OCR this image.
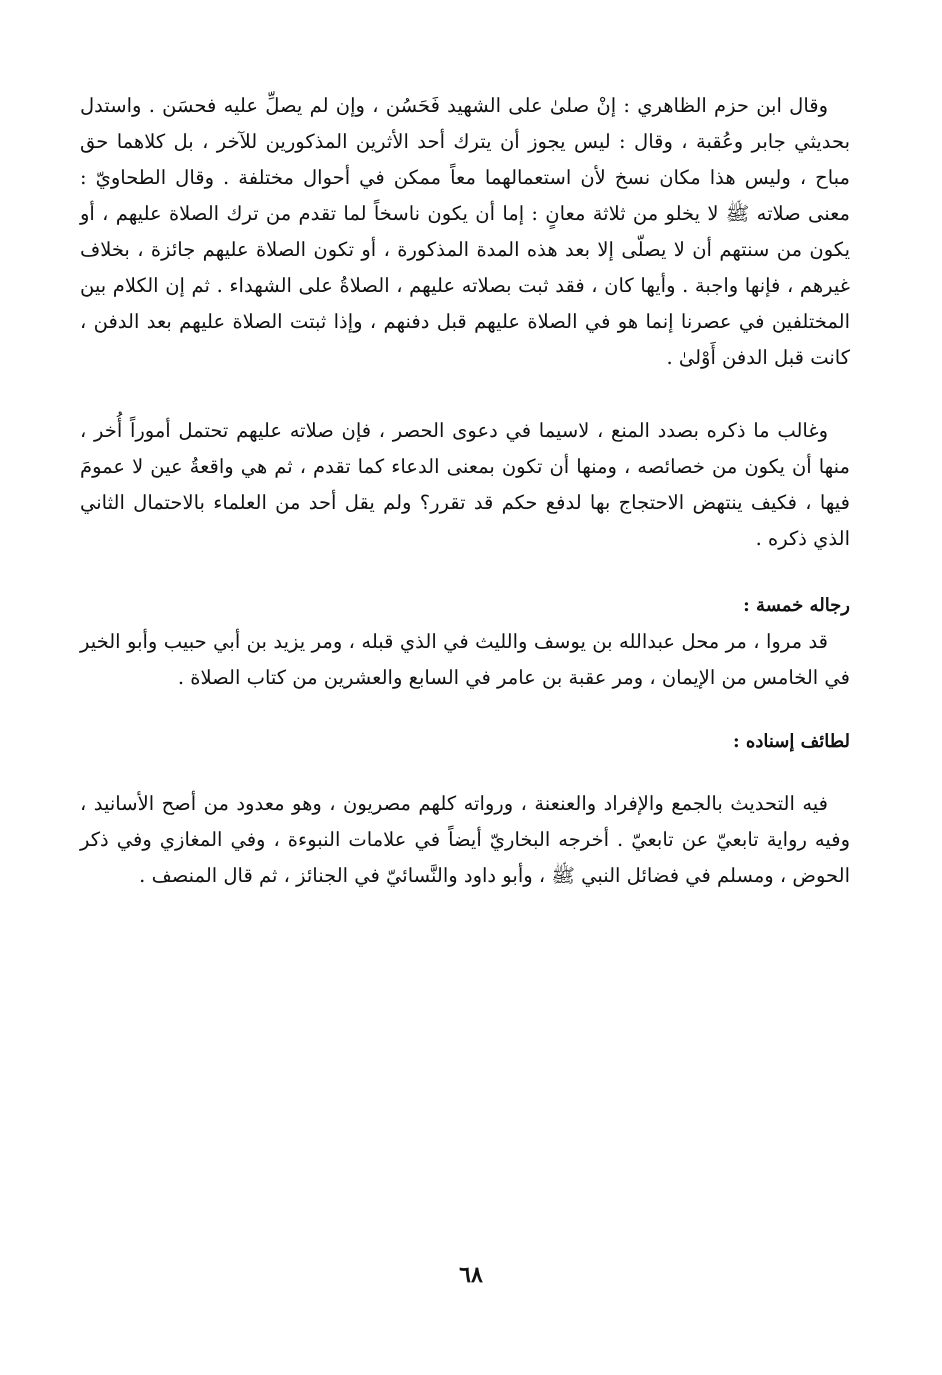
وقال ابن حزم الظاهري : إنْ صلىٰ على الشهيد فَحَسُن ، وإن لم يصلِّ عليه فحسَن . واستدل بحديثي جابر وعُقبة ، وقال : ليس يجوز أن يترك أحد الأثرين المذكورين للآخر ، بل كلاهما حق مباح ، وليس هذا مكان نسخ لأن استعمالهما معاً ممكن في أحوال مختلفة . وقال الطحاويّ : معنى صلاته ﷺ لا يخلو من ثلاثة معانٍ : إما أن يكون ناسخاً لما تقدم من ترك الصلاة عليهم ، أو يكون من سنتهم أن لا يصلّى إلا بعد هذه المدة المذكورة ، أو تكون الصلاة عليهم جائزة ، بخلاف غيرهم ، فإنها واجبة . وأيها كان ، فقد ثبت بصلاته عليهم ، الصلاةُ على الشهداء . ثم إن الكلام بين المختلفين في عصرنا إنما هو في الصلاة عليهم قبل دفنهم ، وإذا ثبتت الصلاة عليهم بعد الدفن ، كانت قبل الدفن أَوْلىٰ .

وغالب ما ذكره بصدد المنع ، لاسيما في دعوى الحصر ، فإن صلاته عليهم تحتمل أموراً أُخر ، منها أن يكون من خصائصه ، ومنها أن تكون بمعنى الدعاء كما تقدم ، ثم هي واقعةُ عين لا عمومَ فيها ، فكيف ينتهض الاحتجاج بها لدفع حكم قد تقرر؟ ولم يقل أحد من العلماء بالاحتمال الثاني الذي ذكره .

رجاله خمسة :

قد مروا ، مر محل عبدالله بن يوسف والليث في الذي قبله ، ومر يزيد بن أبي حبيب وأبو الخير في الخامس من الإيمان ، ومر عقبة بن عامر في السابع والعشرين من كتاب الصلاة .

لطائف إسناده :

فيه التحديث بالجمع والإفراد والعنعنة ، ورواته كلهم مصريون ، وهو معدود من أصح الأسانيد ، وفيه رواية تابعيّ عن تابعيّ . أخرجه البخاريّ أيضاً في علامات النبوءة ، وفي المغازي وفي ذكر الحوض ، ومسلم في فضائل النبي ﷺ ، وأبو داود والنَّسائيّ في الجنائز ، ثم قال المنصف .

٦٨
